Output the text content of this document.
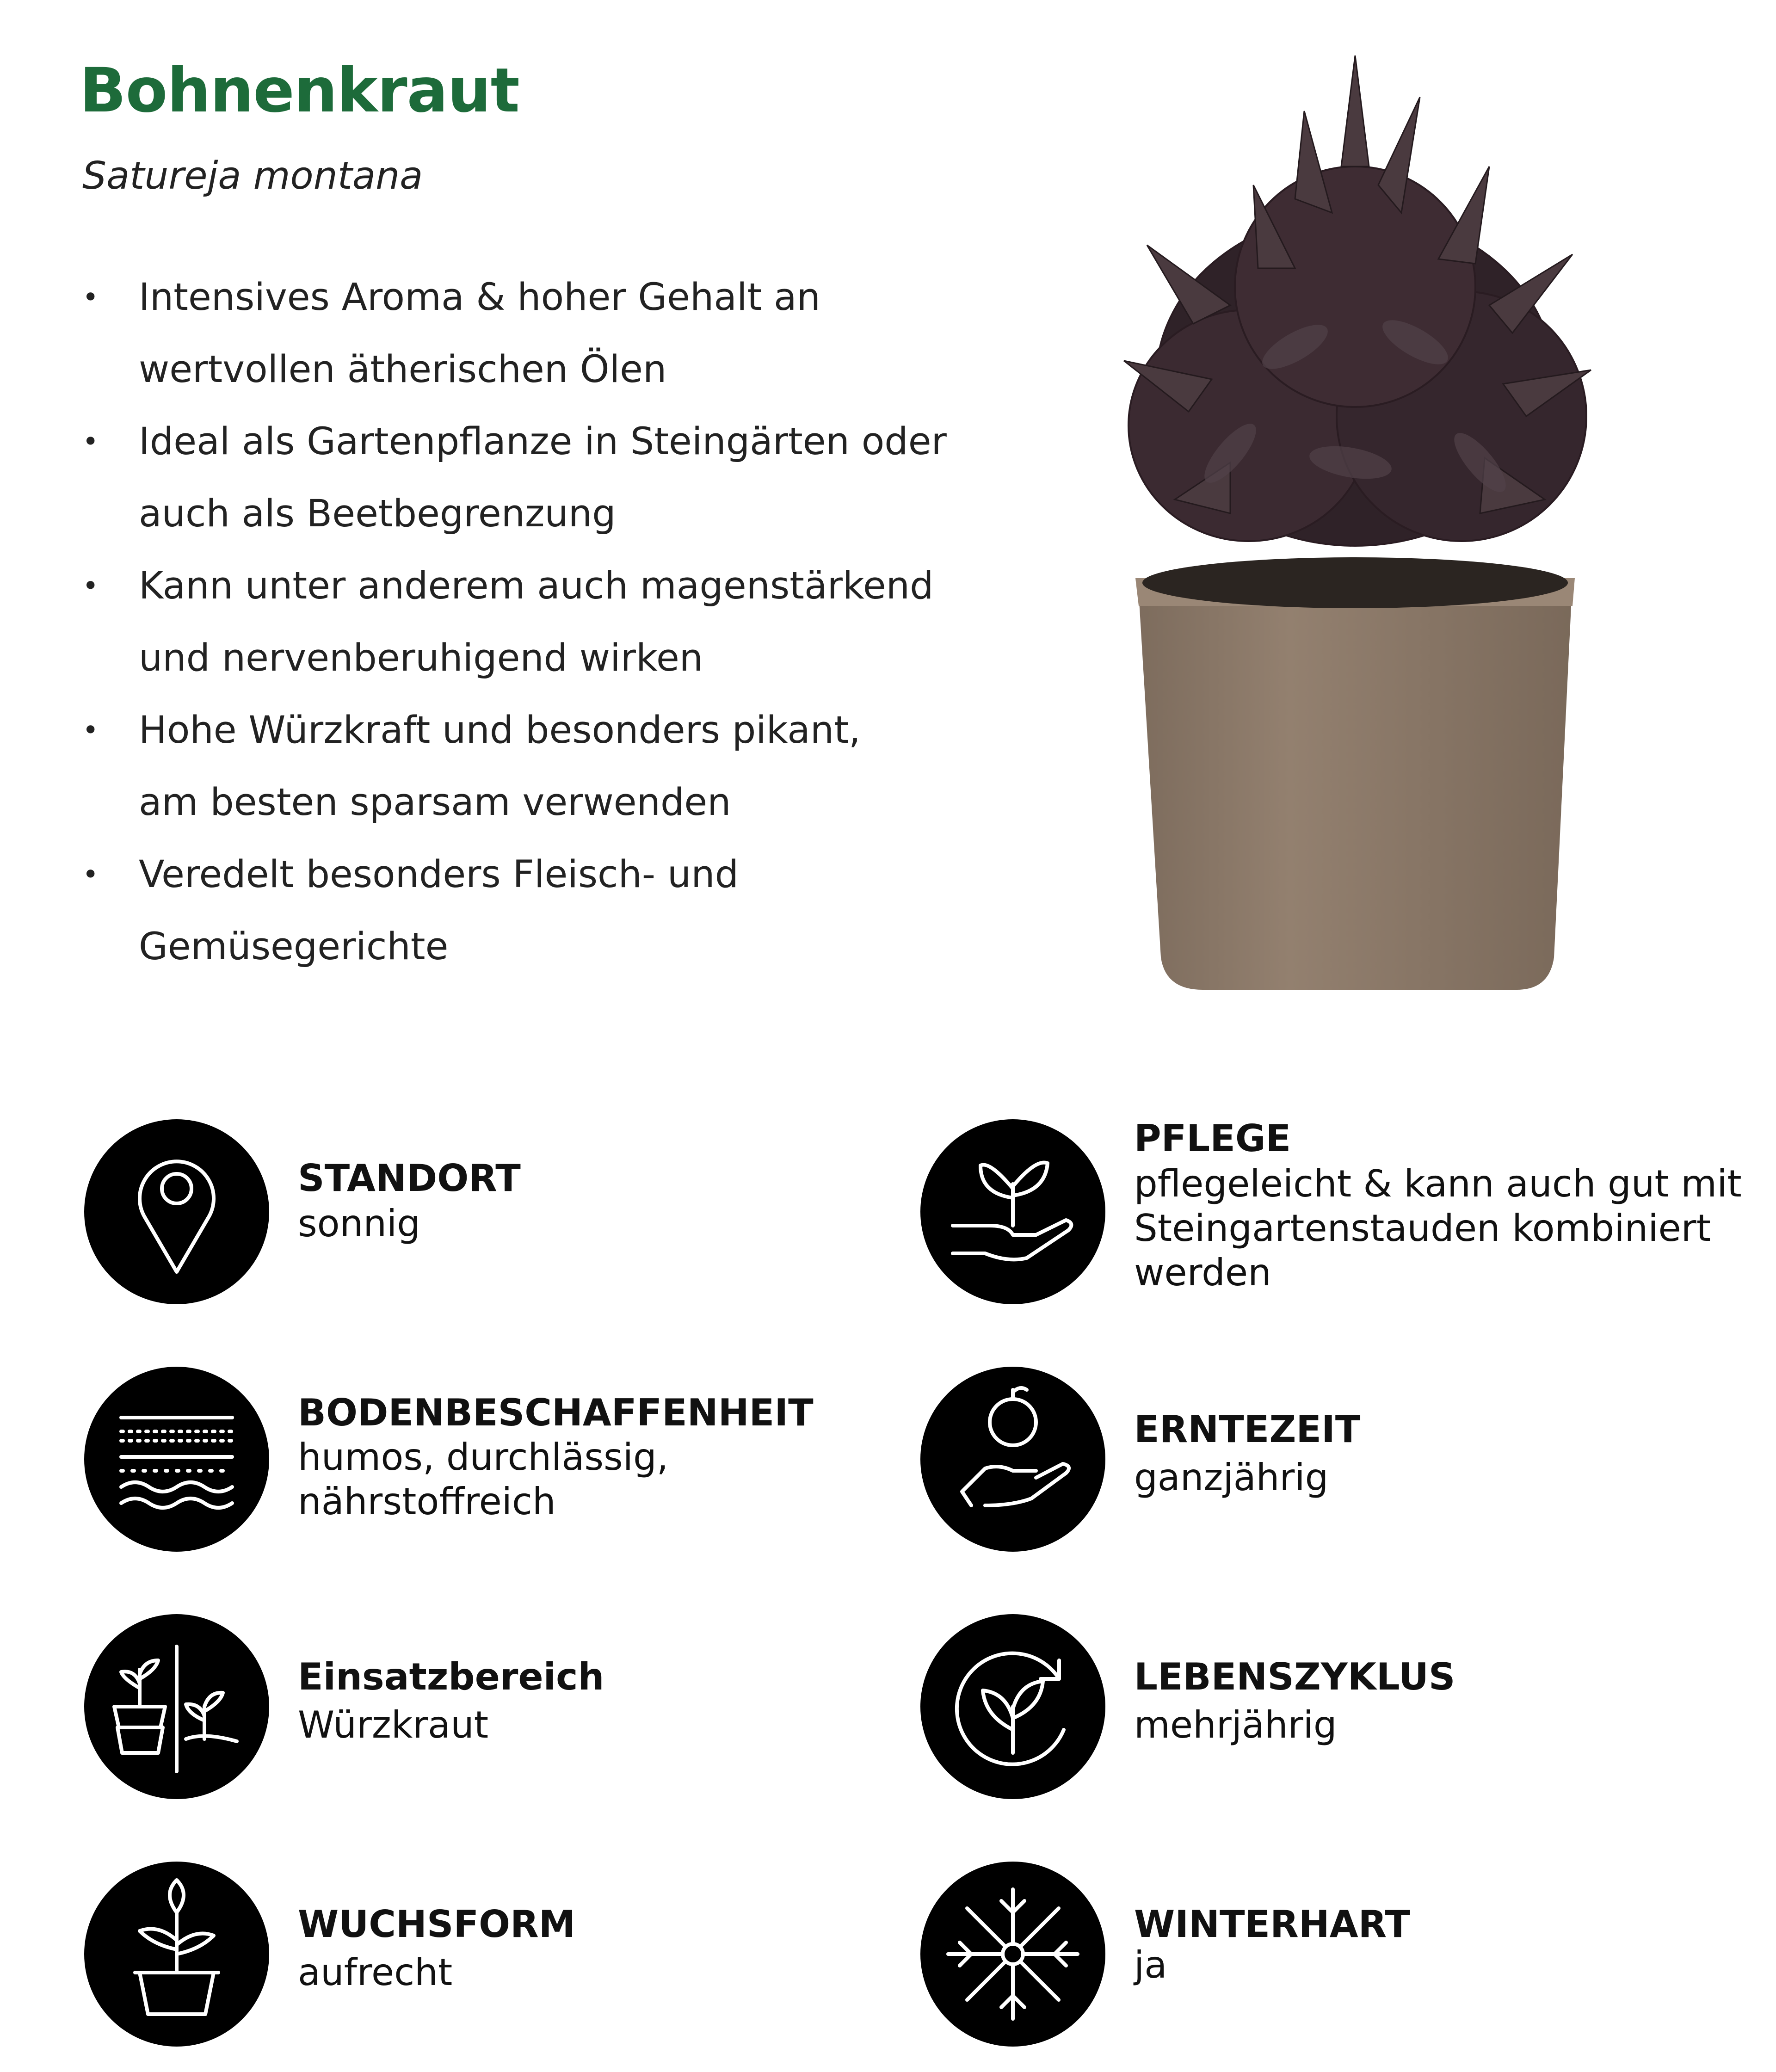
Bohnenkraut
Satureja montana
• Intensives Aroma & hoher Gehalt an
wertvollen ätherischen Ölen
• Ideal als Gartenpflanze in Steingärten oder
auch als Beetbegrenzung
• Kann unter anderem auch magenstärkend
und nervenberuhigend wirken
• Hohe Würzkraft und besonders pikant,
am besten sparsam verwenden
• Veredelt besonders Fleisch- und
Gemüsegerichte
STANDORT
sonnig
PFLEGE
pflegeleicht & kann auch gut mit
Steingartenstauden kombiniert
werden
BODENBESCHAFFENHEIT
humos, durchlässig,
nährstoffreich
ERNTEZEIT
ganzjährig
Einsatzbereich
Würzkraut
LEBENSZYKLUS
mehrjährig
WUCHSFORM
aufrecht
WINTERHART
ja
